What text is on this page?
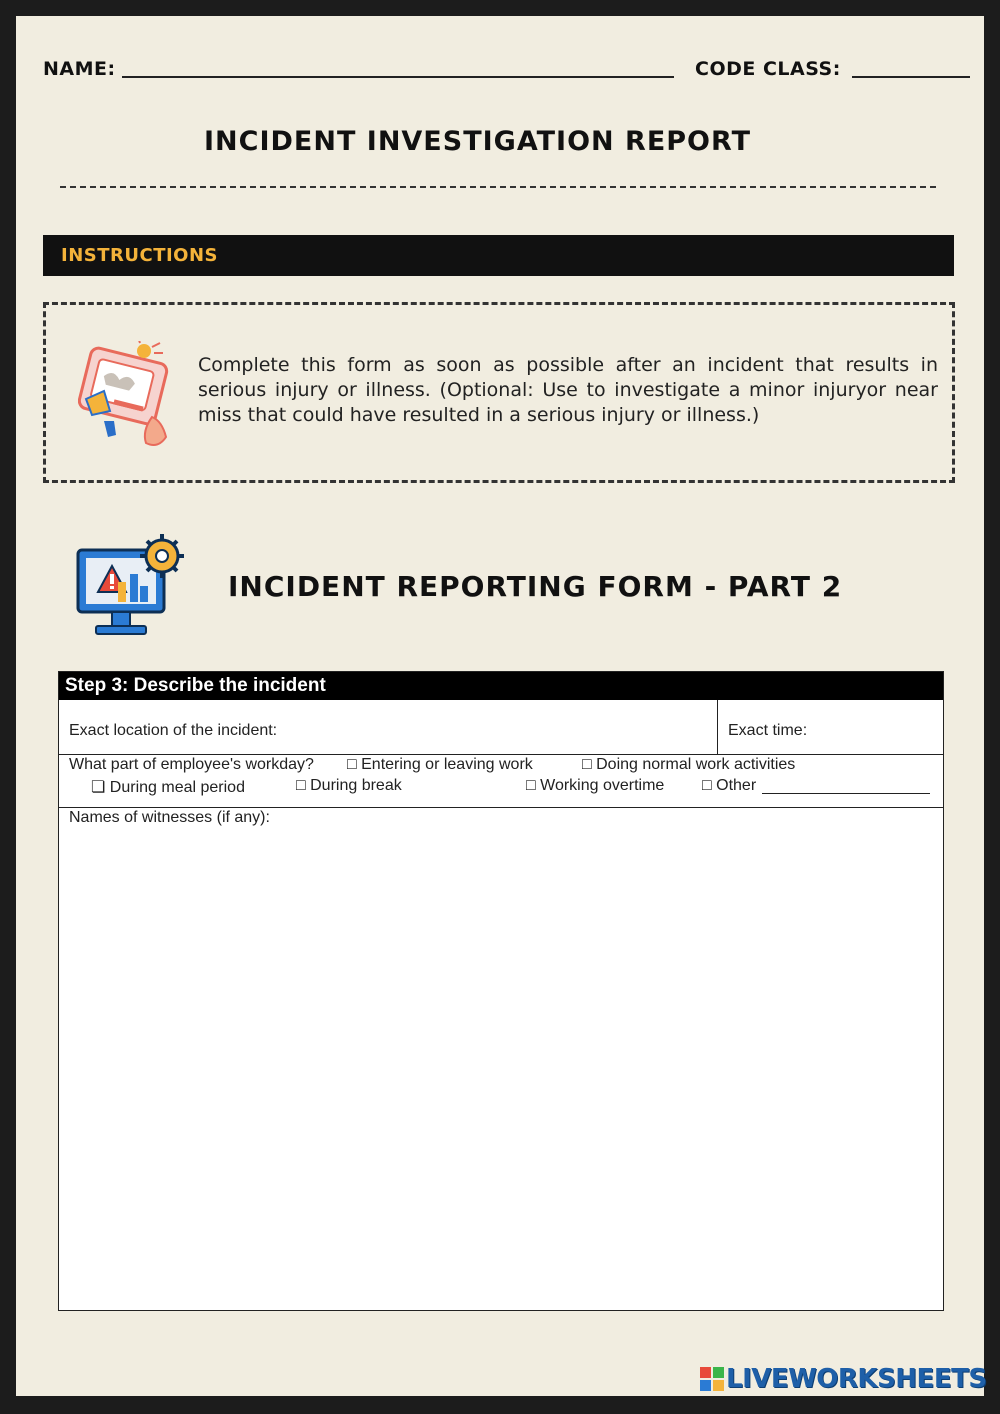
NAME:	CODE CLASS:
INCIDENT INVESTIGATION REPORT
INSTRUCTIONS
Complete this form as soon as possible after an incident that results in serious injury or illness. (Optional: Use to investigate a minor injuryor near miss that could have resulted in a serious injury or illness.)
INCIDENT REPORTING FORM - PART 2
Step 3: Describe the incident
Exact location of the incident:	Exact time:
What part of employee's workday? □ Entering or leaving work	□ Doing normal work activities
❏ During meal period	□ During break	□ Working overtime □ Other
Names of witnesses (if any):
LIVEWORKSHEETS
